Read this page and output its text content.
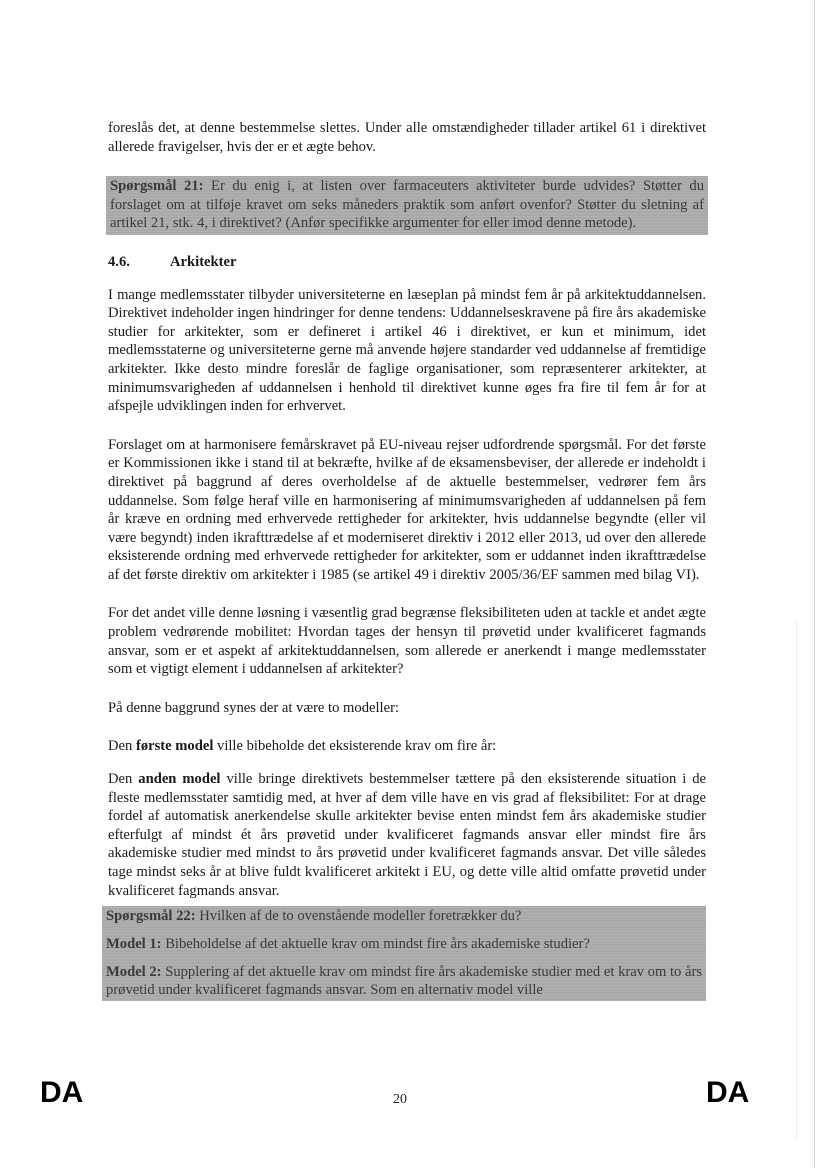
foreslås det, at denne bestemmelse slettes. Under alle omstændigheder tillader artikel 61 i direktivet allerede fravigelser, hvis der er et ægte behov.

Spørgsmål 21: Er du enig i, at listen over farmaceuters aktiviteter burde udvides? Støtter du forslaget om at tilføje kravet om seks måneders praktik som anført ovenfor? Støtter du sletning af artikel 21, stk. 4, i direktivet? (Anfør specifikke argumenter for eller imod denne metode).
4.6.	Arkitekter

I mange medlemsstater tilbyder universiteterne en læseplan på mindst fem år på arkitektuddannelsen. Direktivet indeholder ingen hindringer for denne tendens: Uddannelseskravene på fire års akademiske studier for arkitekter, som er defineret i artikel 46 i direktivet, er kun et minimum, idet medlemsstaterne og universiteterne gerne må anvende højere standarder ved uddannelse af fremtidige arkitekter. Ikke desto mindre foreslår de faglige organisationer, som repræsenterer arkitekter, at minimumsvarigheden af uddannelsen i henhold til direktivet kunne øges fra fire til fem år for at afspejle udviklingen inden for erhvervet.

Forslaget om at harmonisere femårskravet på EU-niveau rejser udfordrende spørgsmål. For det første er Kommissionen ikke i stand til at bekræfte, hvilke af de eksamensbeviser, der allerede er indeholdt i direktivet på baggrund af deres overholdelse af de aktuelle bestemmelser, vedrører fem års uddannelse. Som følge heraf ville en harmonisering af minimumsvarigheden af uddannelsen på fem år kræve en ordning med erhvervede rettigheder for arkitekter, hvis uddannelse begyndte (eller vil være begyndt) inden ikrafttrædelse af et moderniseret direktiv i 2012 eller 2013, ud over den allerede eksisterende ordning med erhvervede rettigheder for arkitekter, som er uddannet inden ikrafttrædelse af det første direktiv om arkitekter i 1985 (se artikel 49 i direktiv 2005/36/EF sammen med bilag VI).

For det andet ville denne løsning i væsentlig grad begrænse fleksibiliteten uden at tackle et andet ægte problem vedrørende mobilitet: Hvordan tages der hensyn til prøvetid under kvalificeret fagmands ansvar, som er et aspekt af arkitektuddannelsen, som allerede er anerkendt i mange medlemsstater som et vigtigt element i uddannelsen af arkitekter?

På denne baggrund synes der at være to modeller:

Den første model ville bibeholde det eksisterende krav om fire år:

Den anden model ville bringe direktivets bestemmelser tættere på den eksisterende situation i de fleste medlemsstater samtidig med, at hver af dem ville have en vis grad af fleksibilitet: For at drage fordel af automatisk anerkendelse skulle arkitekter bevise enten mindst fem års akademiske studier efterfulgt af mindst ét års prøvetid under kvalificeret fagmands ansvar eller mindst fire års akademiske studier med mindst to års prøvetid under kvalificeret fagmands ansvar. Det ville således tage mindst seks år at blive fuldt kvalificeret arkitekt i EU, og dette ville altid omfatte prøvetid under kvalificeret fagmands ansvar.

Spørgsmål 22: Hvilken af de to ovenstående modeller foretrækker du?
Model 1: Bibeholdelse af det aktuelle krav om mindst fire års akademiske studier?
Model 2: Supplering af det aktuelle krav om mindst fire års akademiske studier med et krav om to års prøvetid under kvalificeret fagmands ansvar. Som en alternativ model ville
DA	20	DA
